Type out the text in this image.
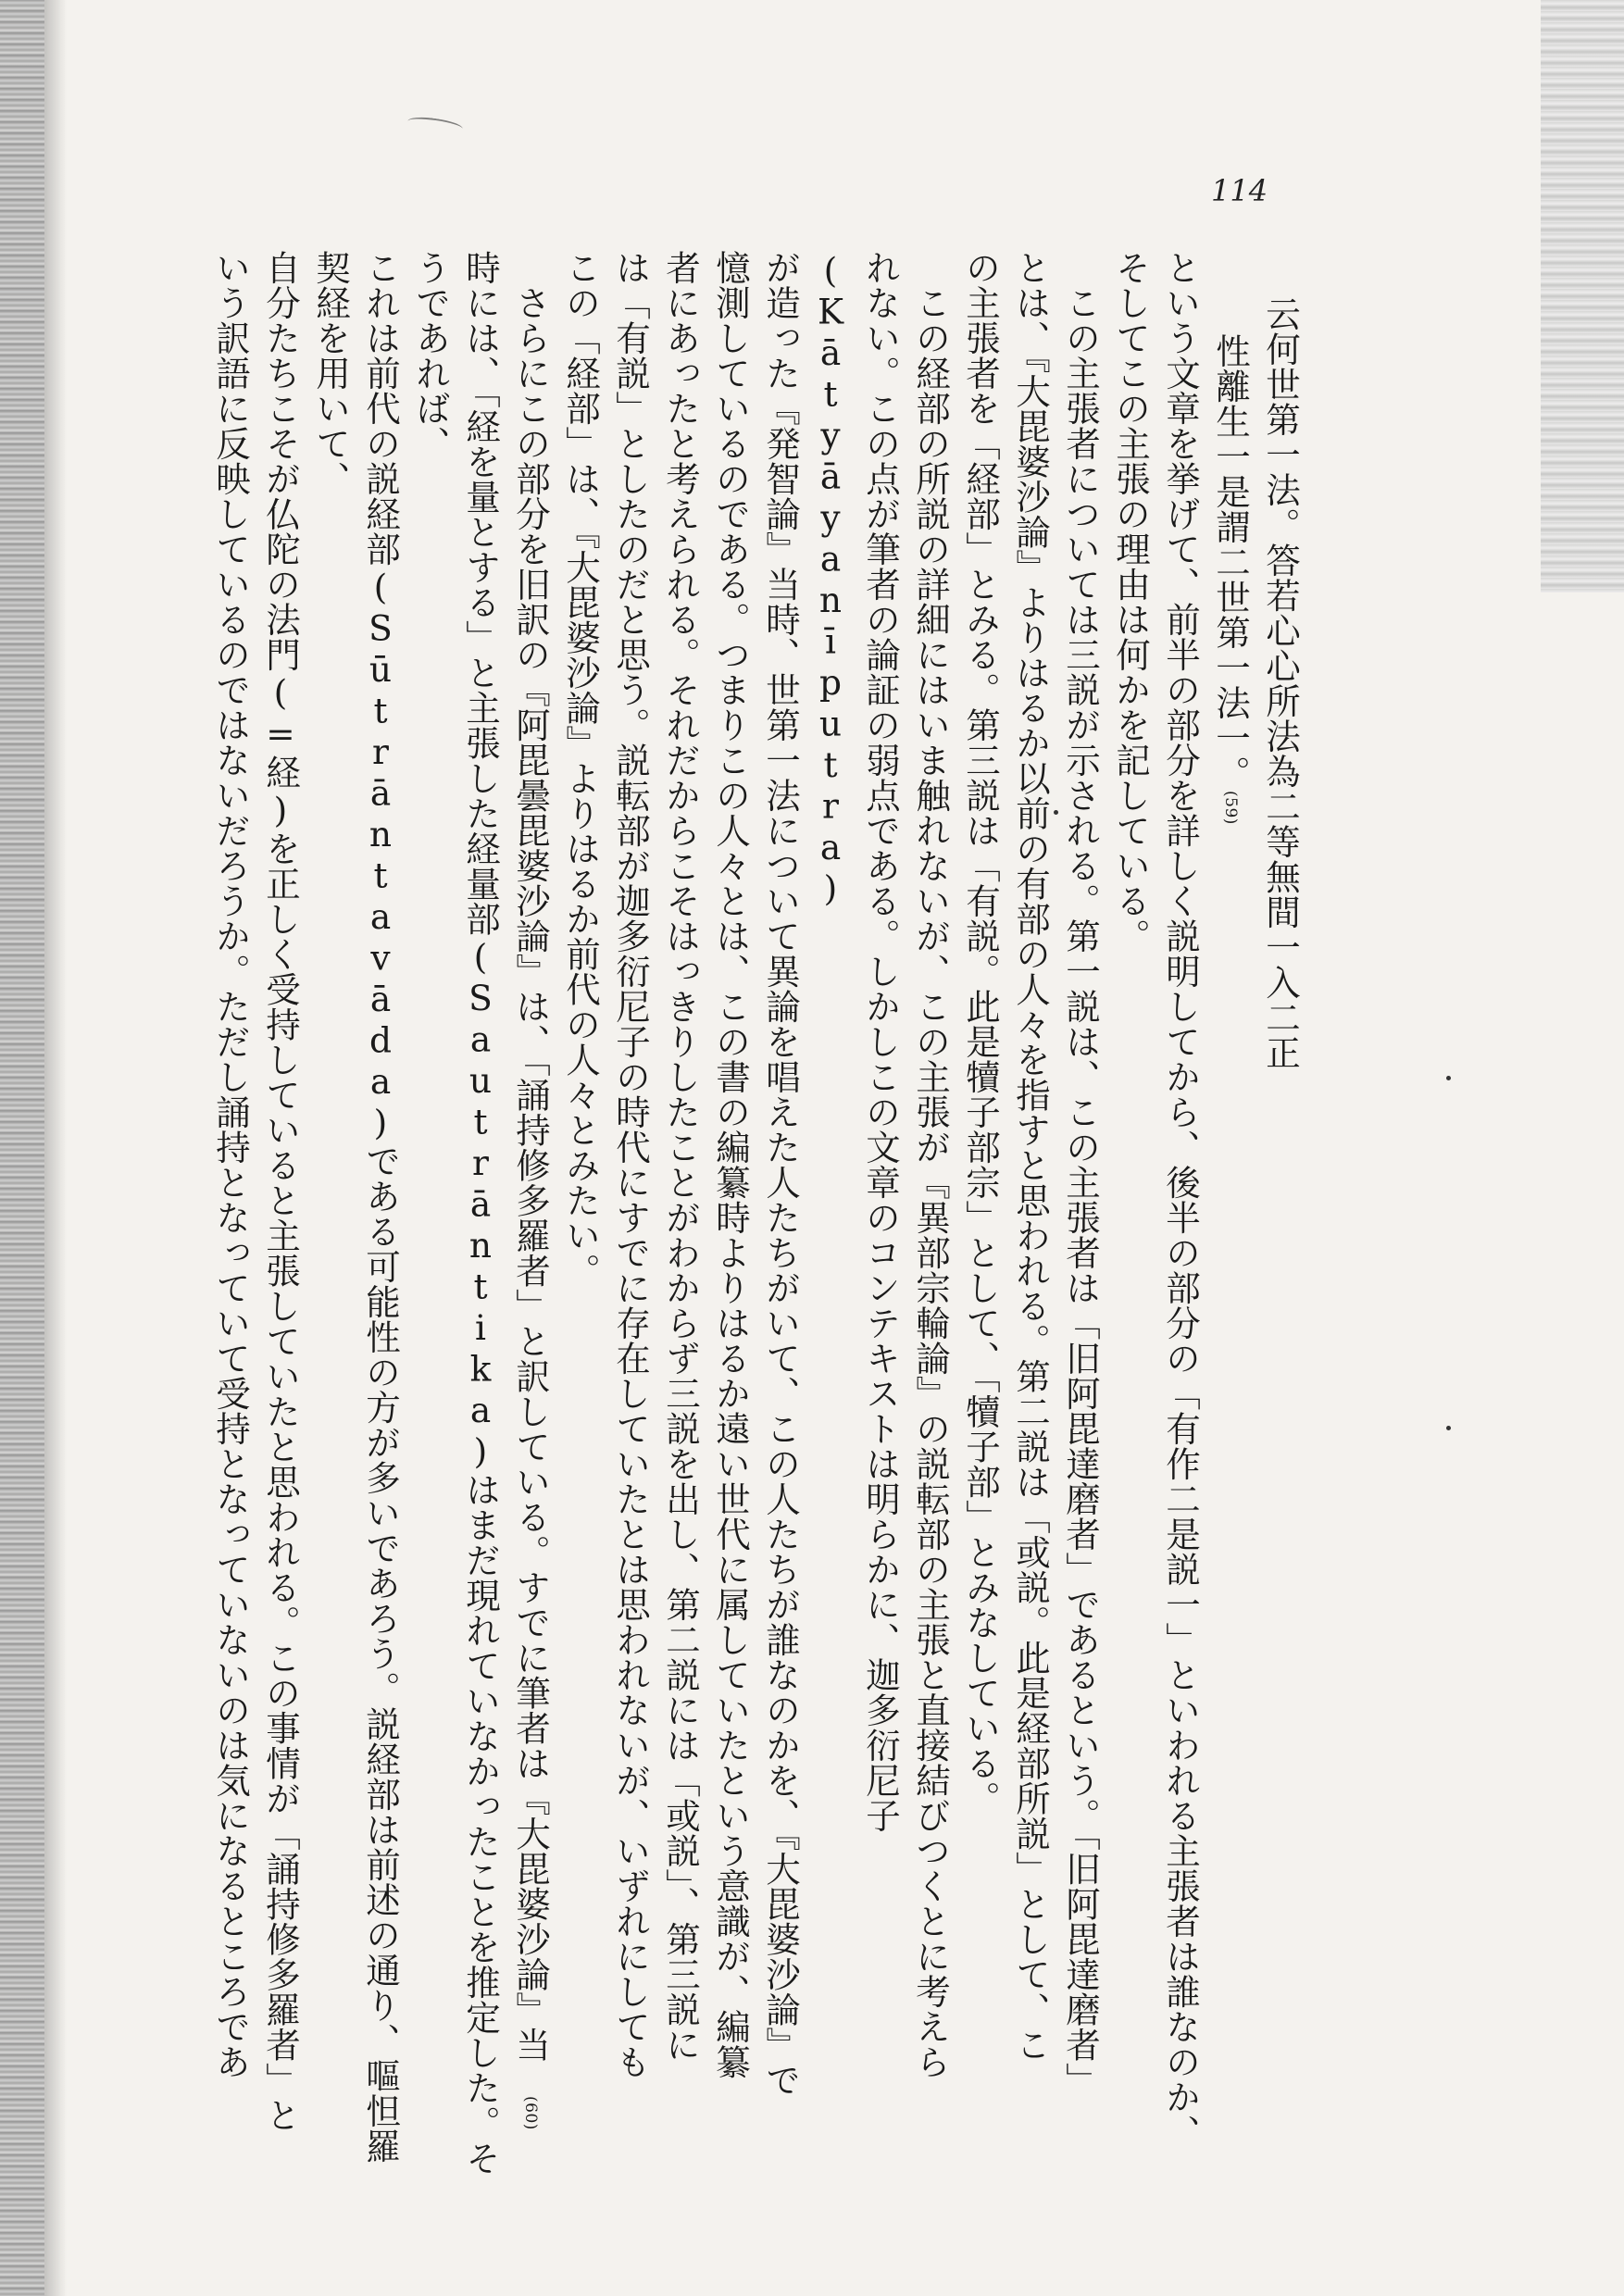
114

云何世第一法。答若心心所法為二等無間一入二正

性離生一是謂二世第一法一。(59)

という文章を挙げて、前半の部分を詳しく説明してから、後半の部分の「有作二是説一」といわれる主張者は誰なのか、

そしてこの主張の理由は何かを記している。

この主張者については三説が示される。第一説は、この主張者は「旧阿毘達磨者」であるという。「旧阿毘達磨者」

とは、『大毘婆沙論』よりはるか以前の有部の人々を指すと思われる。第二説は「或説。此是経部所説」として、こ

の主張者を「経部」とみる。第三説は「有説。此是犢子部宗」として、「犢子部」とみなしている。

この経部の所説の詳細にはいま触れないが、この主張が『異部宗輪論』の説転部の主張と直接結びつくとに考えら

れない。この点が筆者の論証の弱点である。しかしこの文章のコンテキストは明らかに、迦多衍尼子(Kātyāyanīputra)

が造った『発智論』当時、世第一法について異論を唱えた人たちがいて、この人たちが誰なのかを、『大毘婆沙論』で

憶測しているのである。つまりこの人々とは、この書の編纂時よりはるか遠い世代に属していたという意識が、編纂

者にあったと考えられる。それだからこそはっきりしたことがわからず三説を出し、第二説には「或説」、第三説に

は「有説」としたのだと思う。説転部が迦多衍尼子の時代にすでに存在していたとは思われないが、いずれにしても

この「経部」は、『大毘婆沙論』よりはるか前代の人々とみたい。

さらにこの部分を旧訳の『阿毘曇毘婆沙論』は、「誦持修多羅者」と訳している。すでに筆者は『大毘婆沙論』当(60)

時には、「経を量とする」と主張した経量部(Sautrāntika)はまだ現れていなかったことを推定した。そうであれば、

これは前代の説経部(Sūtrāntavāda)である可能性の方が多いであろう。説経部は前述の通り、嘔怛羅契経を用いて、

自分たちこそが仏陀の法門(=経)を正しく受持していると主張していたと思われる。この事情が「誦持修多羅者」と

いう訳語に反映しているのではないだろうか。ただし誦持となっていて受持となっていないのは気になるところであ
